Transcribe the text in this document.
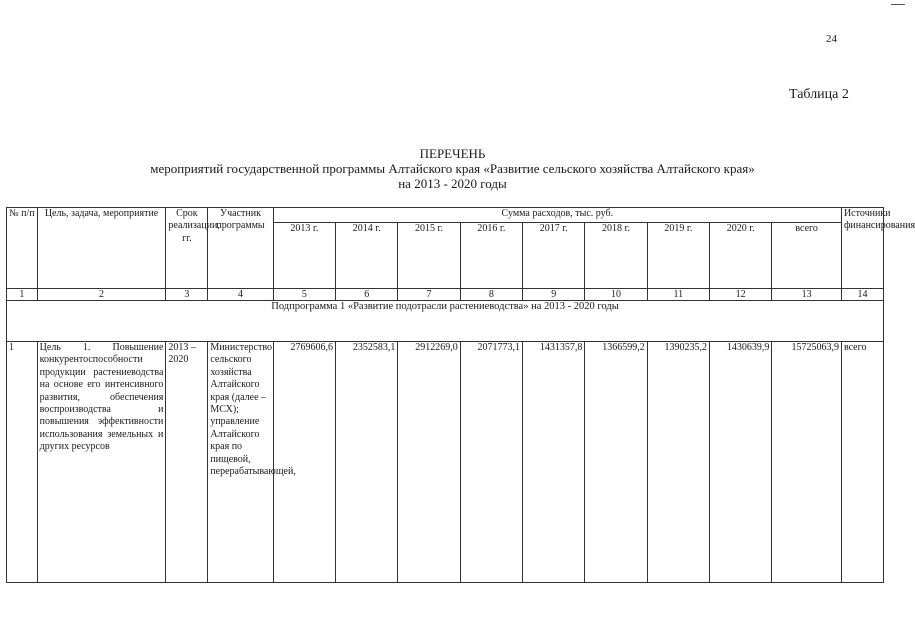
24
Таблица 2
ПЕРЕЧЕНЬ
мероприятий государственной программы Алтайского края «Развитие сельского хозяйства Алтайского края»
на 2013 - 2020 годы
№ п/п	Цель, задача, мероприятие	Срок реализации, гг.	Участник программы	Сумма расходов, тыс. руб.									Источники финансирования
				2013 г.	2014 г.	2015 г.	2016 г.	2017 г.	2018 г.	2019 г.	2020 г.	всего	
1	2	3	4	5	6	7	8	9	10	11	12	13	14
Подпрограмма 1 «Развитие подотрасли растениеводства» на 2013 - 2020 годы													
1	Цель 1. Повышение конкурентоспособности продукции растениеводства на основе его интенсивного развития, обеспечения воспроизводства и повышения эффективности использования земельных и других ресурсов	2013 – 2020	Министерство сельского хозяйства Алтайского края (далее – МСХ); управление Алтайского края по пищевой, перерабатывающей,	2769606,6	2352583,1	2912269,0	2071773,1	1431357,8	1366599,2	1390235,2	1430639,9	15725063,9	всего
